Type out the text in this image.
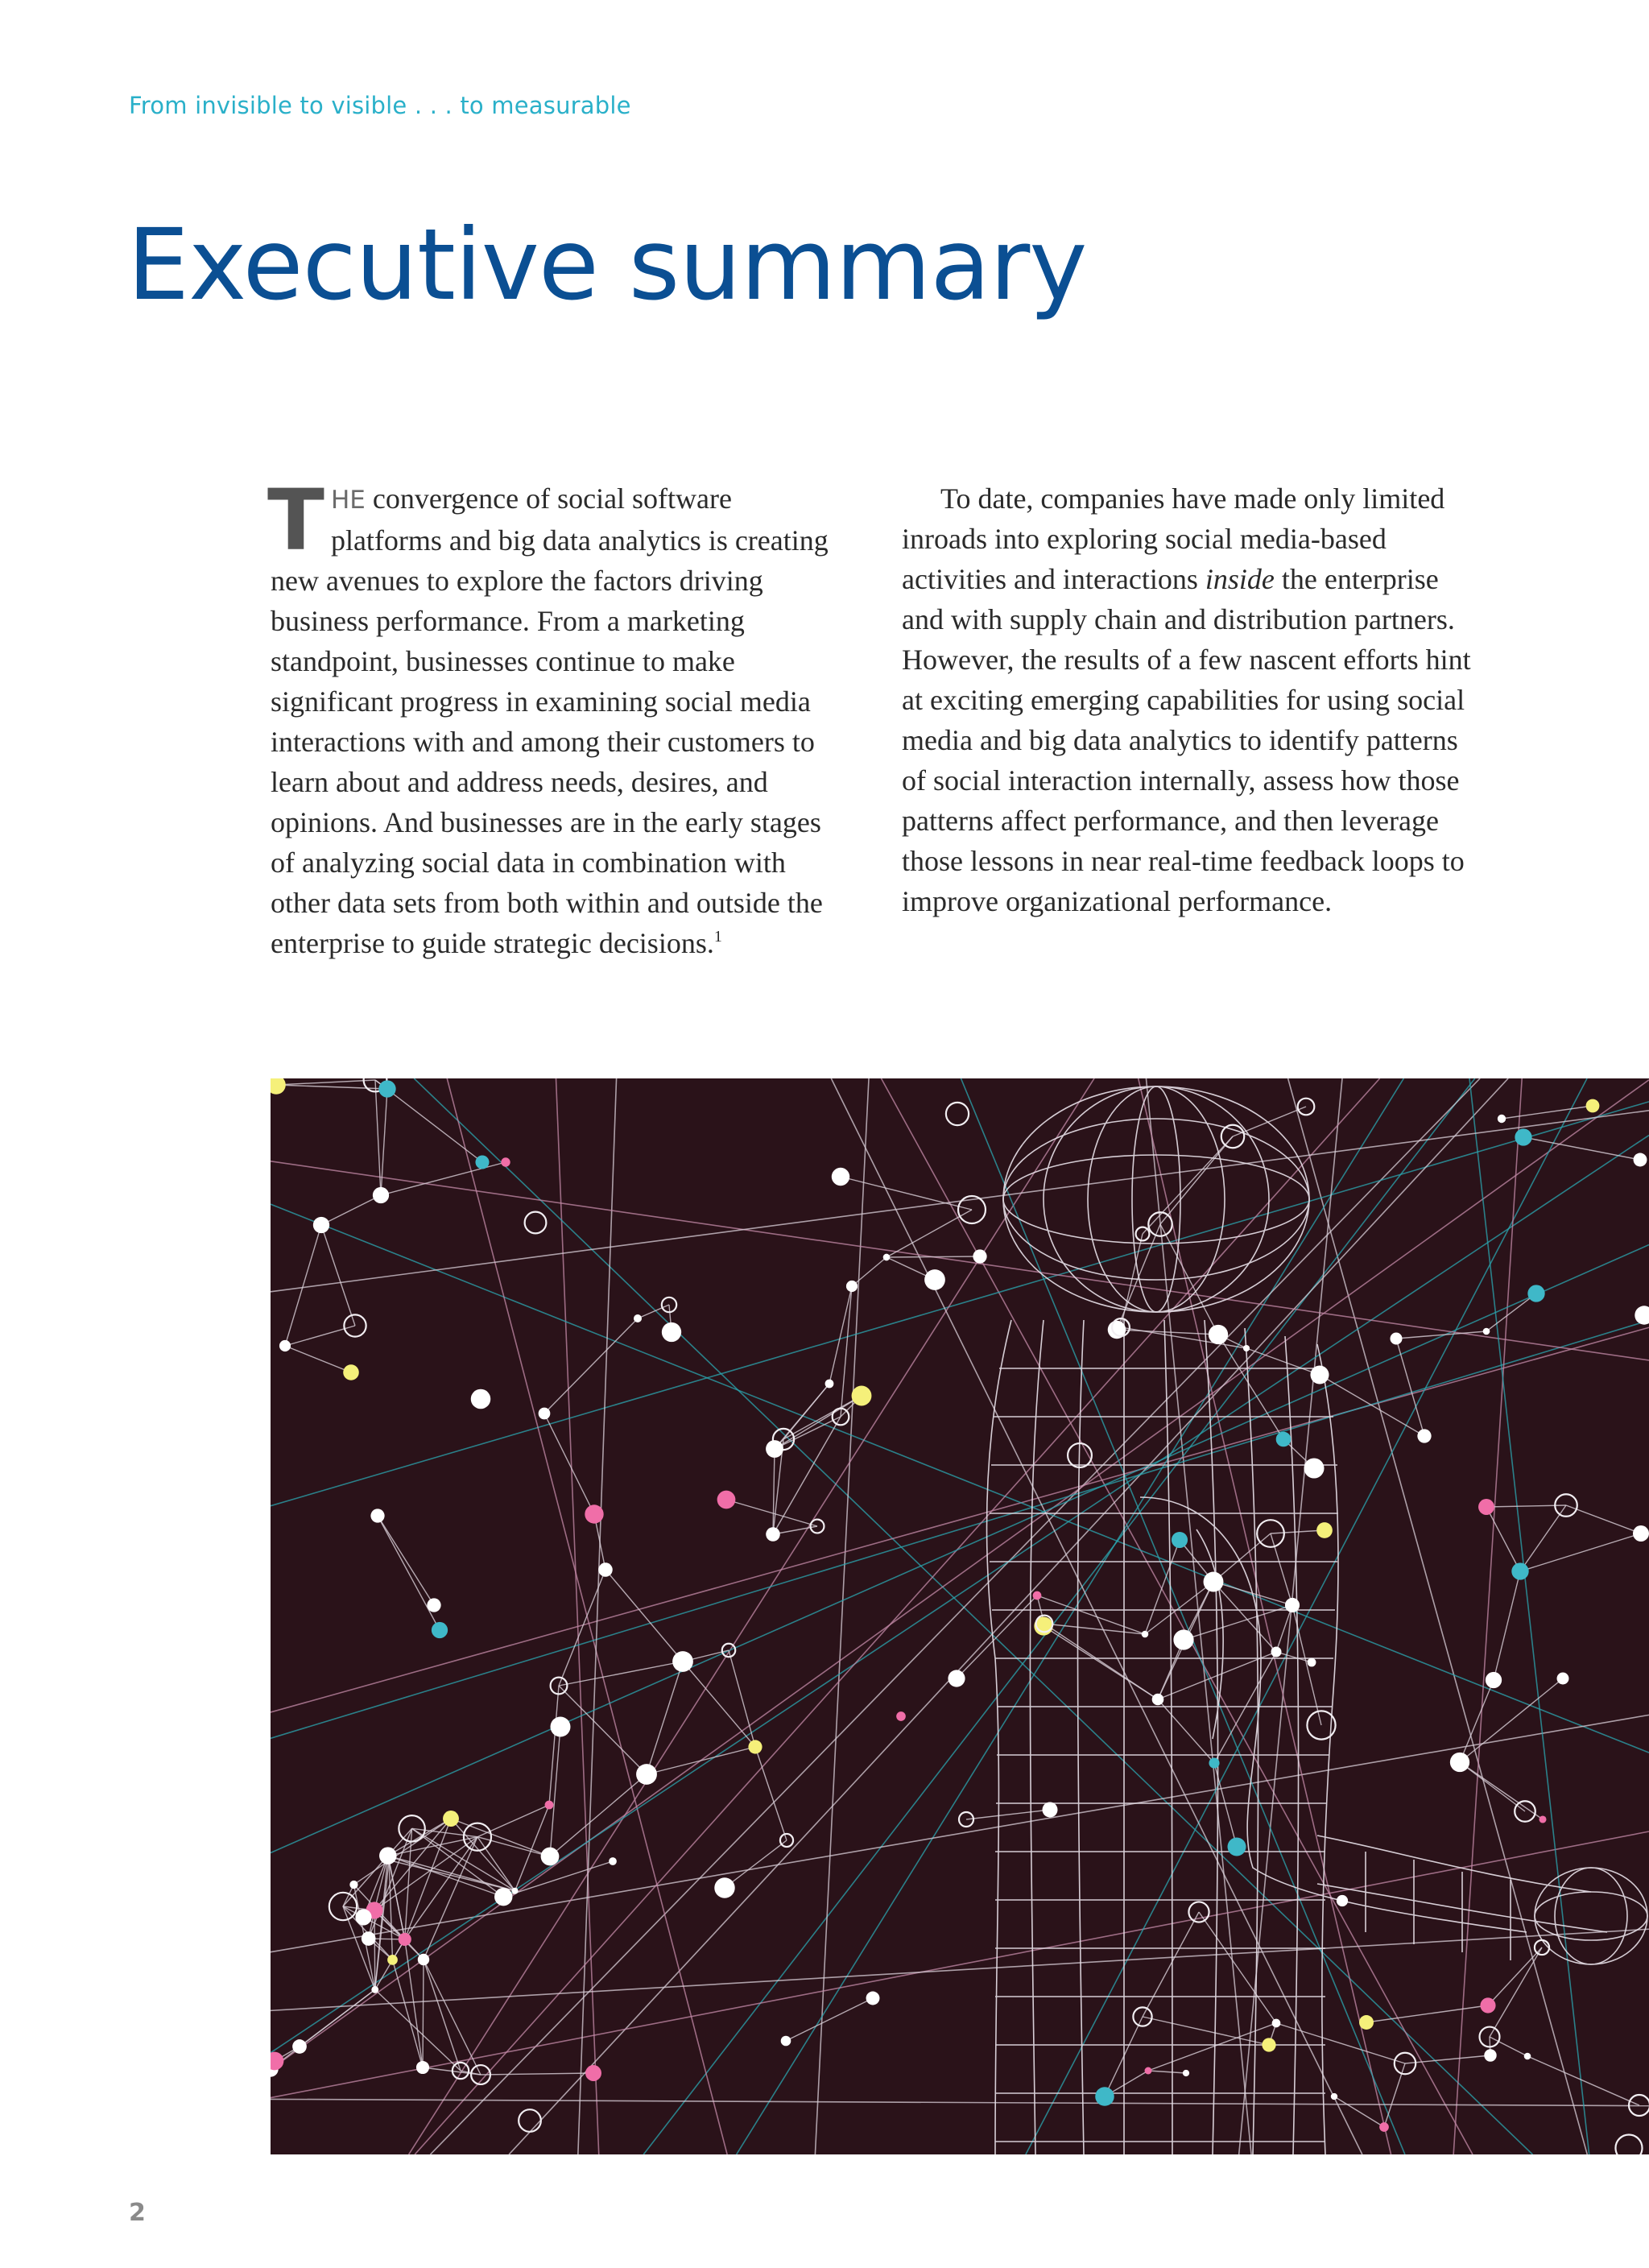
From invisible to visible . . . to measurable
Executive summary

THE convergence of social software platforms and big data analytics is creating new avenues to explore the factors driving business performance. From a marketing standpoint, businesses continue to make significant progress in examining social media interactions with and among their customers to learn about and address needs, desires, and opinions. And businesses are in the early stages of analyzing social data in combination with other data sets from both within and outside the enterprise to guide strategic decisions.$^1$

To date, companies have made only limited inroads into exploring social media-based activities and interactions inside the enterprise and with supply chain and distribution partners. However, the results of a few nascent efforts hint at exciting emerging capabilities for using social media and big data analytics to identify patterns of social interaction internally, assess how those patterns affect performance, and then leverage those lessons in near real-time feedback loops to improve organizational performance.

2
